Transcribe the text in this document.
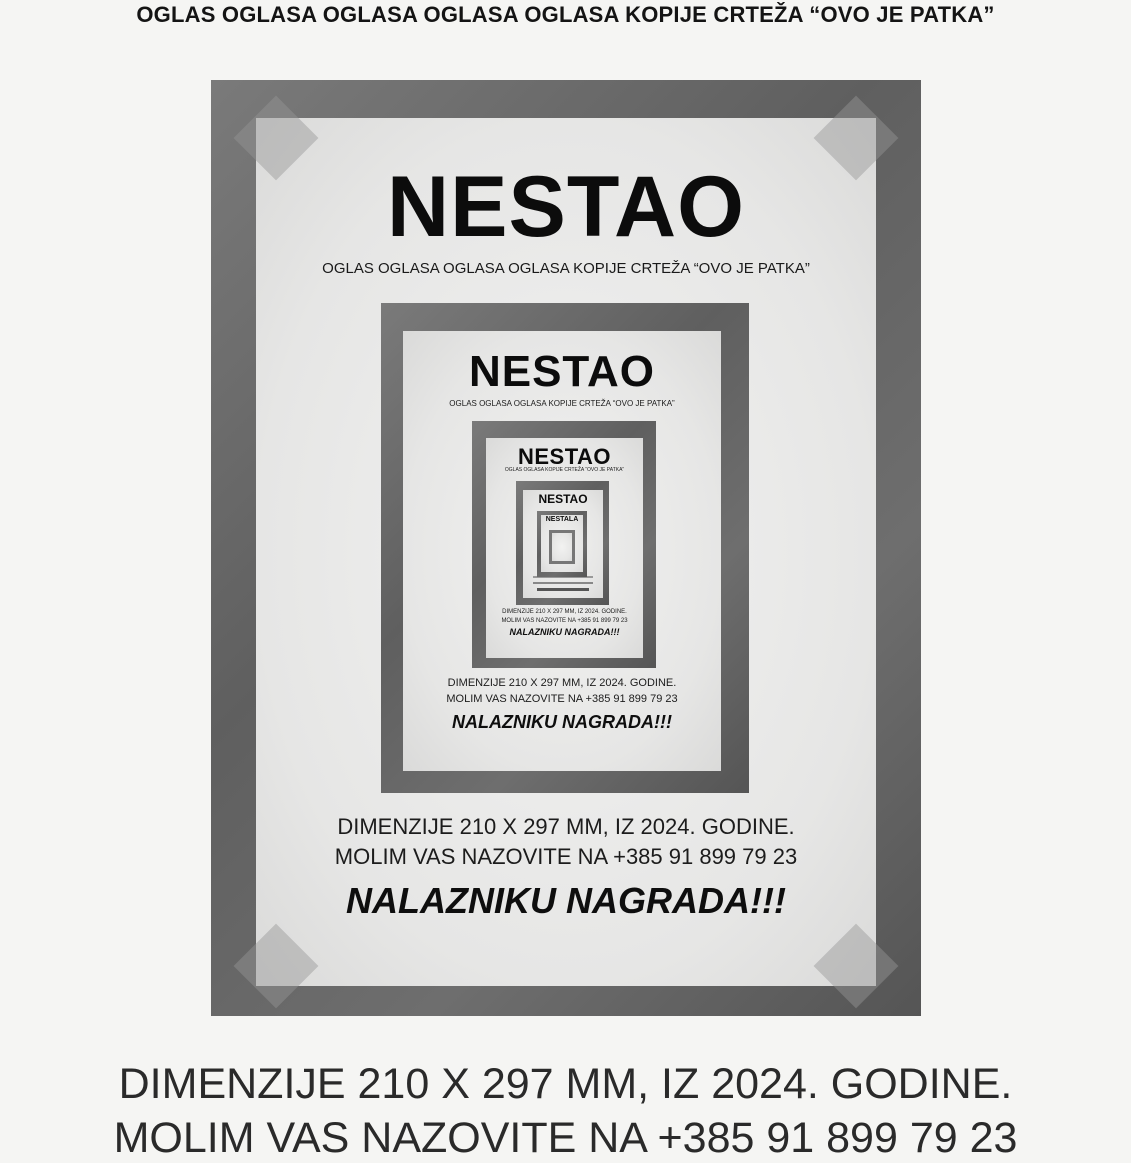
OGLAS OGLASA OGLASA OGLASA OGLASA KOPIJE CRTEŽA “OVO JE PATKA”
NESTAO
OGLAS OGLASA OGLASA OGLASA KOPIJE CRTEŽA “OVO JE PATKA”
DIMENZIJE 210 X 297 MM, IZ 2024. GODINE.
MOLIM VAS NAZOVITE NA +385 91 899 79 23
NALAZNIKU NAGRADA!!!
NESTAO
OGLAS OGLASA OGLASA KOPIJE CRTEŽA “OVO JE PATKA”
DIMENZIJE 210 X 297 MM, IZ 2024. GODINE.
MOLIM VAS NAZOVITE NA +385 91 899 79 23
NALAZNIKU NAGRADA!!!
NESTAO
OGLAS OGLASA KOPIJE CRTEŽA “OVO JE PATKA”
DIMENZIJE 210 X 297 MM, IZ 2024. GODINE.
MOLIM VAS NAZOVITE NA +385 91 899 79 23
NALAZNIKU NAGRADA!!!
NESTAO
NESTALA
DIMENZIJE 210 X 297 MM, IZ 2024. GODINE.
MOLIM VAS NAZOVITE NA +385 91 899 79 23
